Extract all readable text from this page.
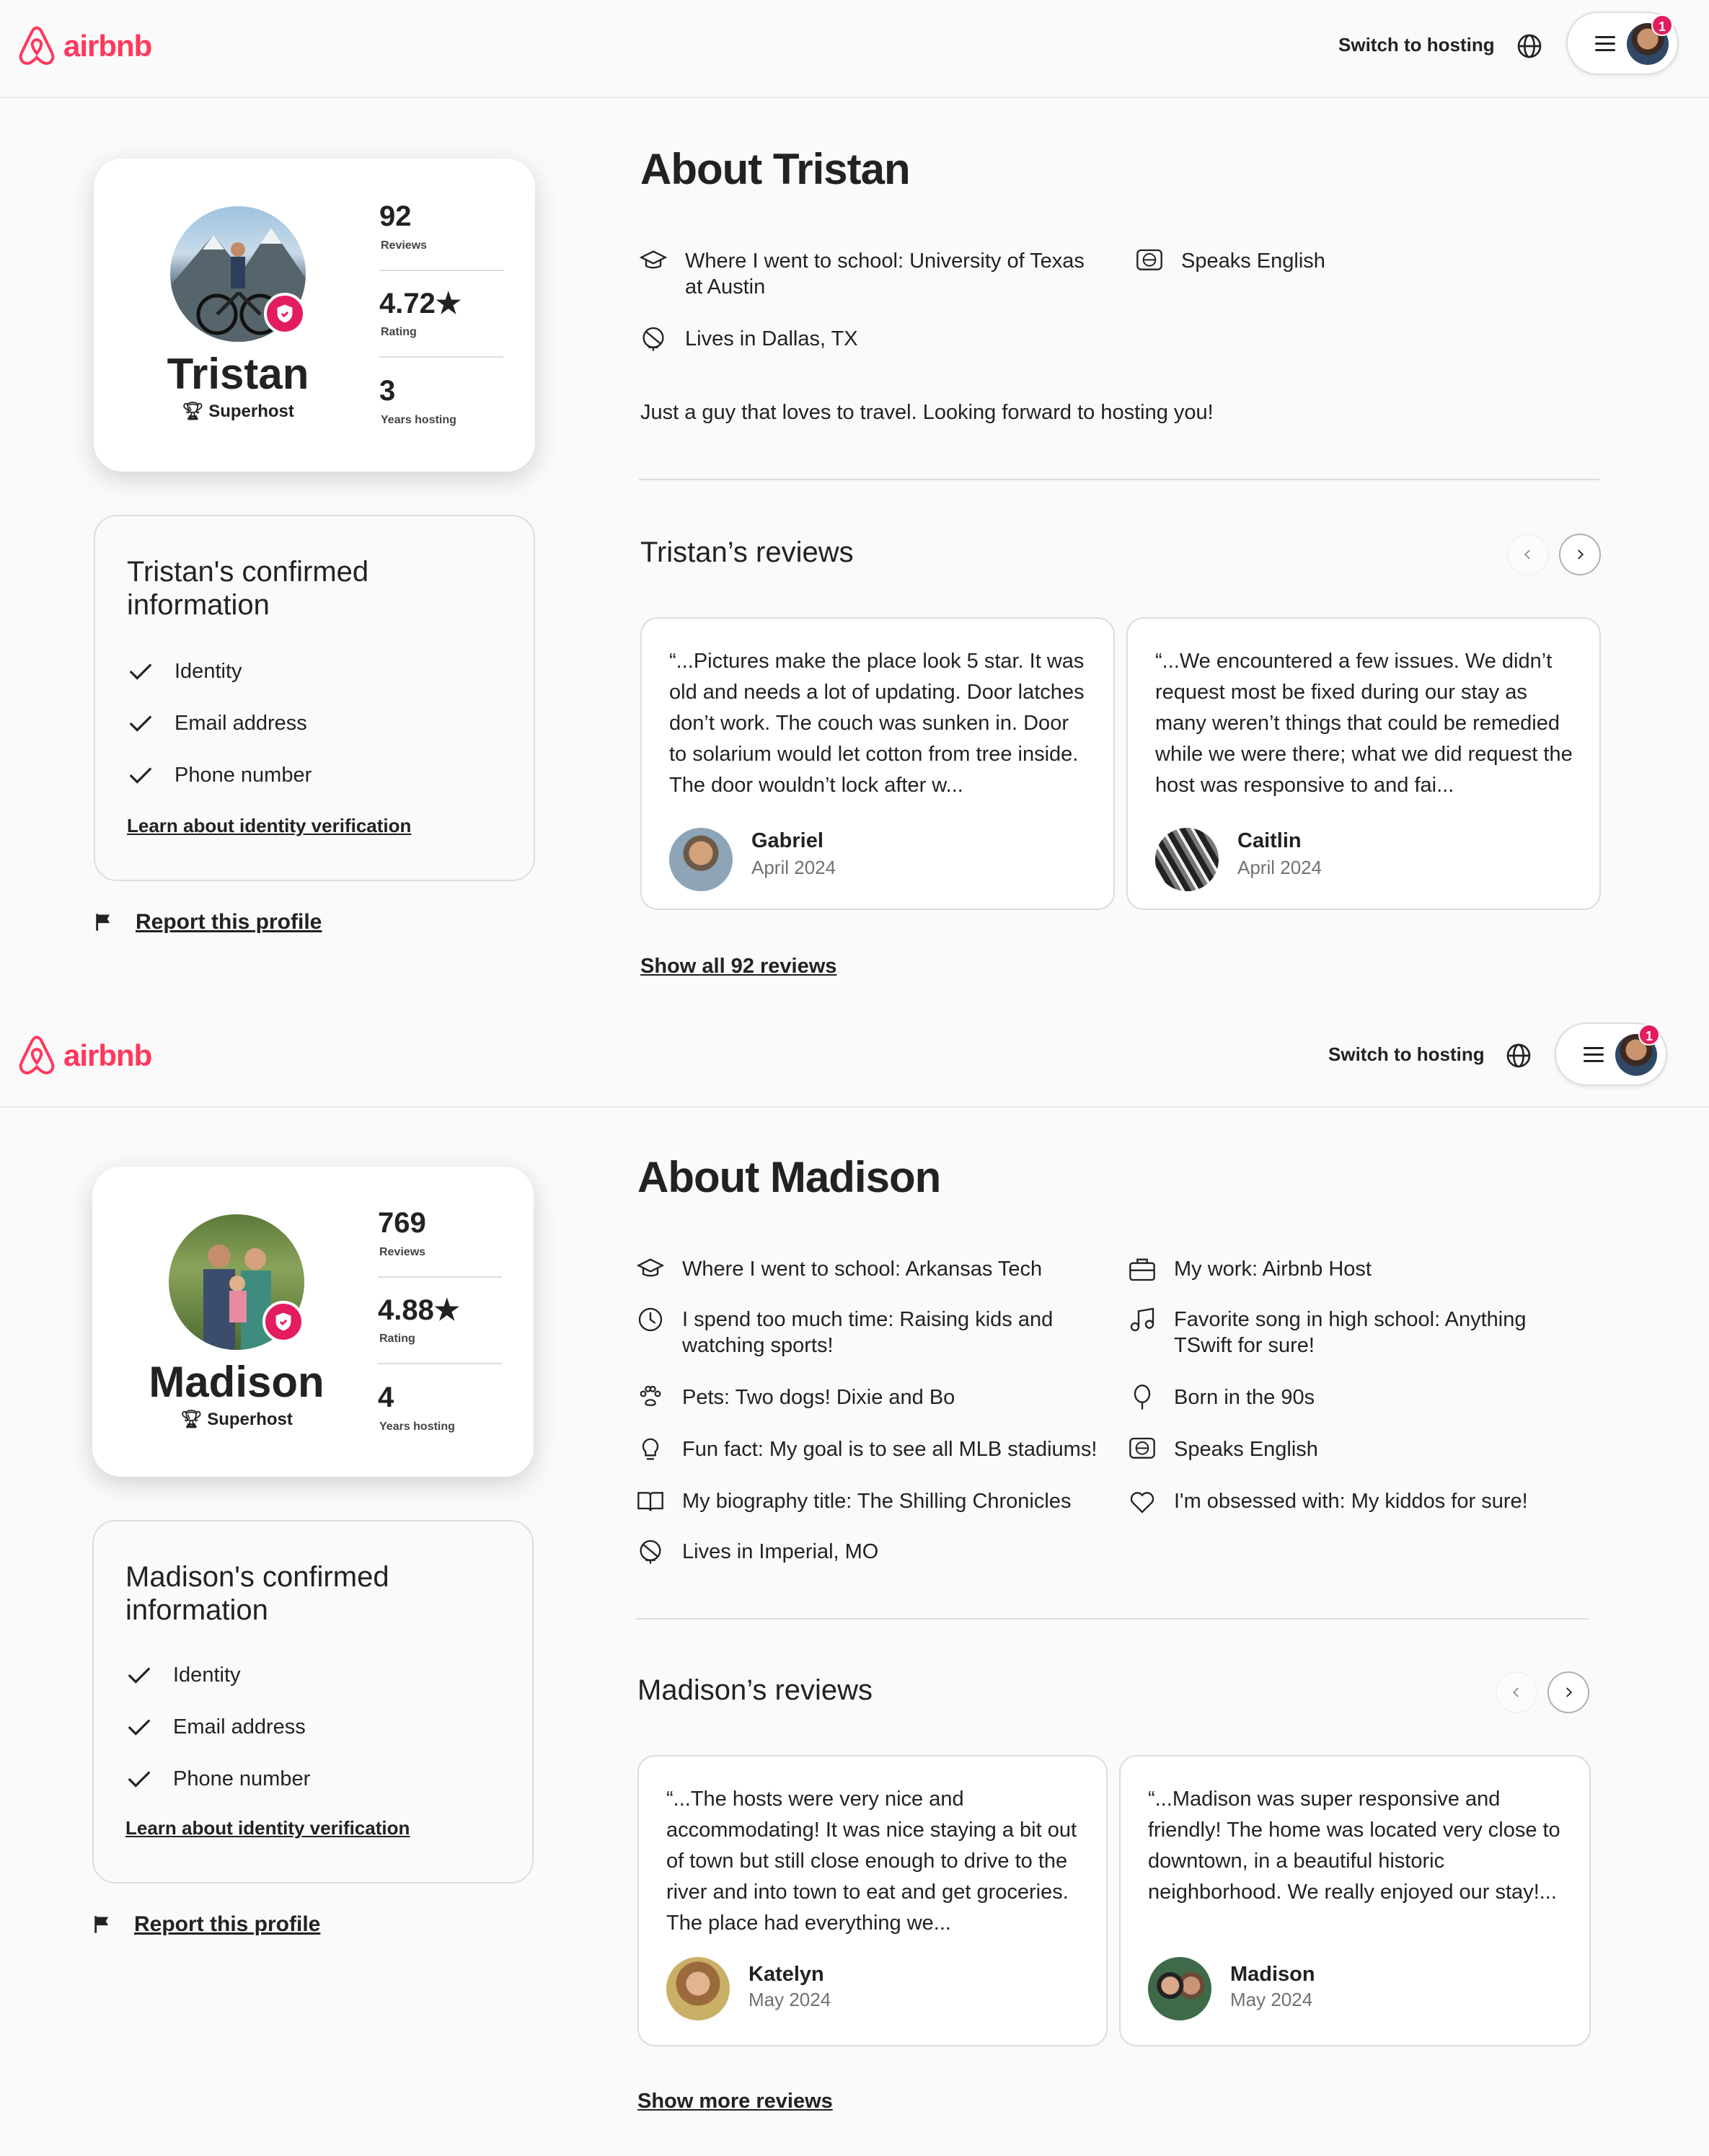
airbnb	Switch to hosting
1
Tristan
🏆︎ Superhost
92
Reviews
4.72★
Rating
3
Years hosting
Tristan's confirmed information
Identity
Email address
Phone number
Learn about identity verification
Report this profile
About Tristan
Where I went to school: University of Texas at Austin
Speaks English
Lives in Dallas, TX
Just a guy that loves to travel. Looking forward to hosting you!
Tristan’s reviews
“...Pictures make the place look 5 star. It was old and needs a lot of updating. Door latches don’t work. The couch was sunken in. Door to solarium would let cotton from tree inside. The door wouldn’t lock after w...
Gabriel
April 2024
“...We encountered a few issues. We didn’t request most be fixed during our stay as many weren’t things that could be remedied while we were there; what we did request the host was responsive to and fai...
Caitlin
April 2024
Show all 92 reviews
airbnb	Switch to hosting
1
Madison
🏆︎ Superhost
769
Reviews
4.88★
Rating
4
Years hosting
Madison's confirmed information
Identity
Email address
Phone number
Learn about identity verification
Report this profile
About Madison
Where I went to school: Arkansas Tech
I spend too much time: Raising kids and watching sports!
Pets: Two dogs! Dixie and Bo
Fun fact: My goal is to see all MLB stadiums!
My biography title: The Shilling Chronicles
Lives in Imperial, MO
My work: Airbnb Host
Favorite song in high school: Anything TSwift for sure!
Born in the 90s
Speaks English
I'm obsessed with: My kiddos for sure!
Madison’s reviews
“...The hosts were very nice and accommodating! It was nice staying a bit out of town but still close enough to drive to the river and into town to eat and get groceries. The place had everything we...
Katelyn
May 2024
“...Madison was super responsive and friendly! The home was located very close to downtown, in a beautiful historic neighborhood. We really enjoyed our stay!...
Madison
May 2024
Show more reviews
